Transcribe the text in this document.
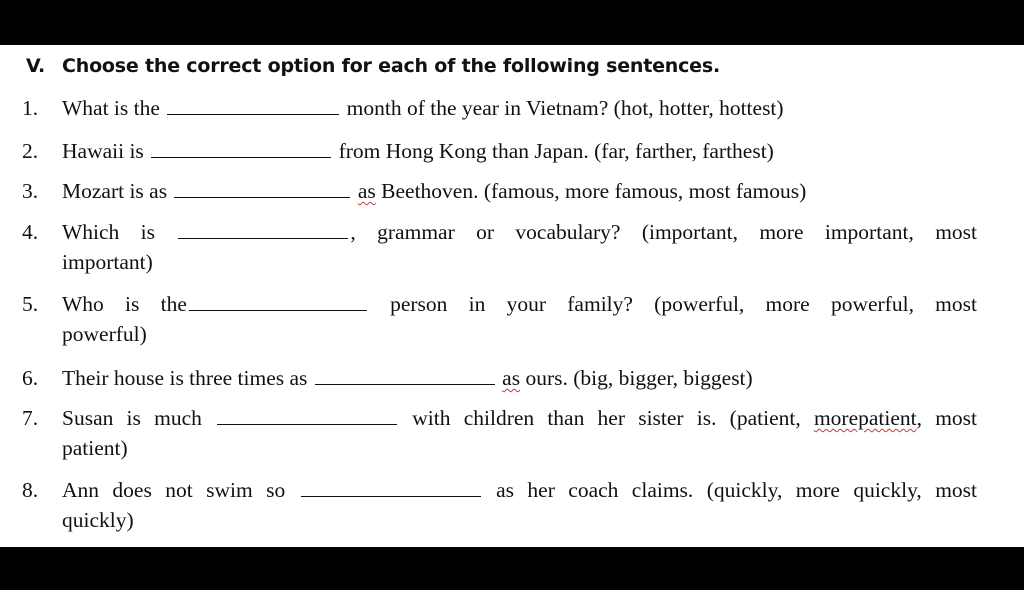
V. Choose the correct option for each of the following sentences.
1. What is the	month of the year in Vietnam? (hot, hotter, hottest)
2. Hawaii is	from Hong Kong than Japan. (far, farther, farthest)
3. Mozart is as	as Beethoven. (famous, more famous, most famous)
4. Which is	, grammar or vocabulary? (important, more important, most
important)
5. Who is the	person in your family? (powerful, more powerful, most
powerful)
6. Their house is three times as	as ours. (big, bigger, biggest)
7. Susan is much	with children than her sister is. (patient, morepatient, most
patient)
8. Ann does not swim so	as her coach claims. (quickly, more quickly, most
quickly)
